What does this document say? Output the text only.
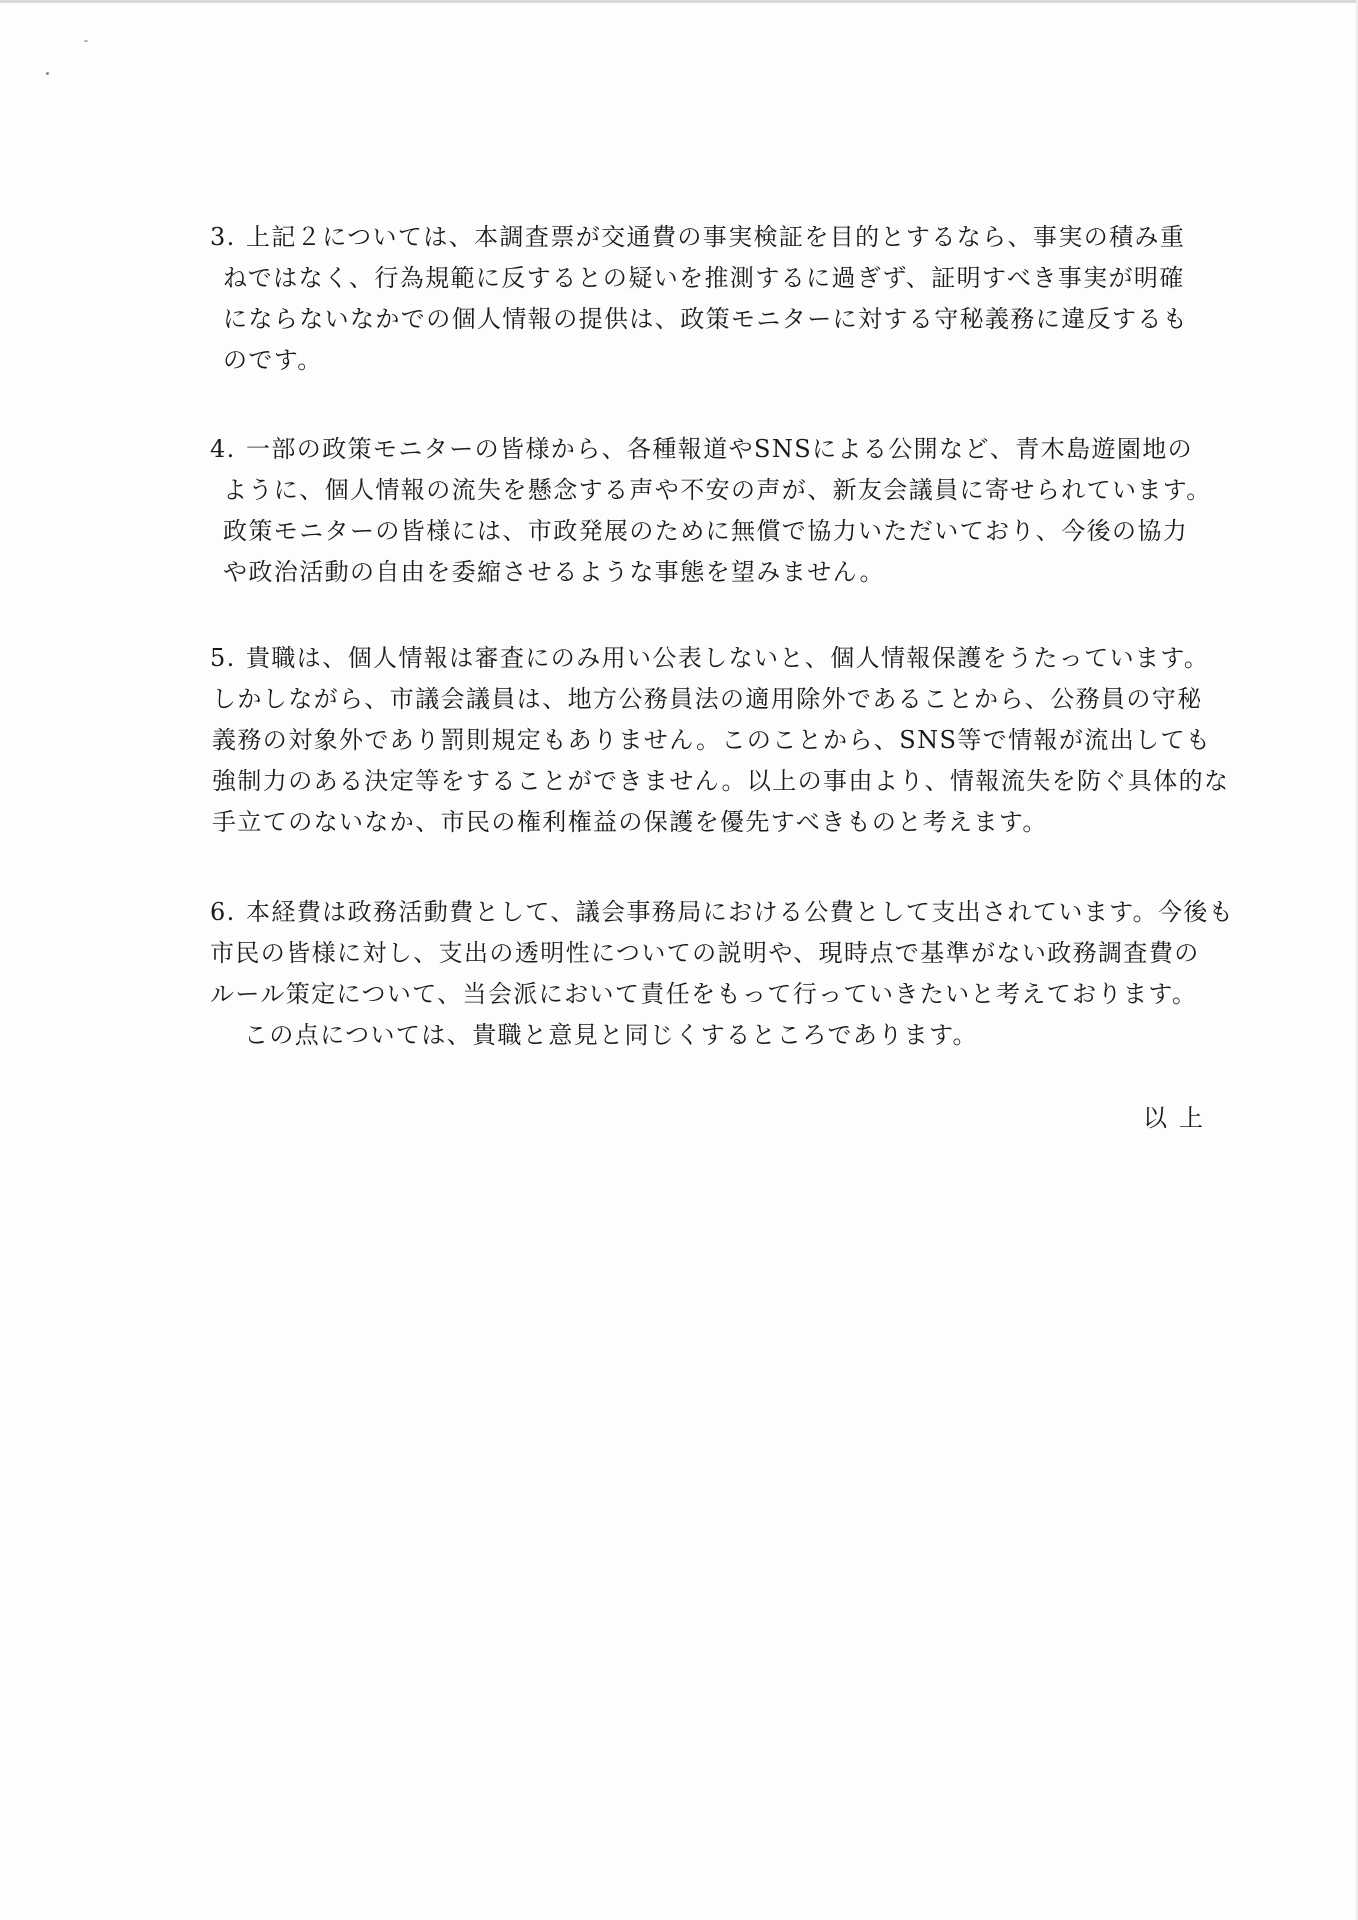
3. 上記２については、本調査票が交通費の事実検証を目的とするなら、事実の積み重
ねではなく、行為規範に反するとの疑いを推測するに過ぎず、証明すべき事実が明確
にならないなかでの個人情報の提供は、政策モニターに対する守秘義務に違反するも
のです。
4. 一部の政策モニターの皆様から、各種報道やSNSによる公開など、青木島遊園地の
ように、個人情報の流失を懸念する声や不安の声が、新友会議員に寄せられています。
政策モニターの皆様には、市政発展のために無償で協力いただいており、今後の協力
や政治活動の自由を委縮させるような事態を望みません。
5. 貴職は、個人情報は審査にのみ用い公表しないと、個人情報保護をうたっています。
しかしながら、市議会議員は、地方公務員法の適用除外であることから、公務員の守秘
義務の対象外であり罰則規定もありません。このことから、SNS等で情報が流出しても
強制力のある決定等をすることができません。以上の事由より、情報流失を防ぐ具体的な
手立てのないなか、市民の権利権益の保護を優先すべきものと考えます。
6. 本経費は政務活動費として、議会事務局における公費として支出されています。今後も
市民の皆様に対し、支出の透明性についての説明や、現時点で基準がない政務調査費の
ルール策定について、当会派において責任をもって行っていきたいと考えております。
この点については、貴職と意見と同じくするところであります。
以上
